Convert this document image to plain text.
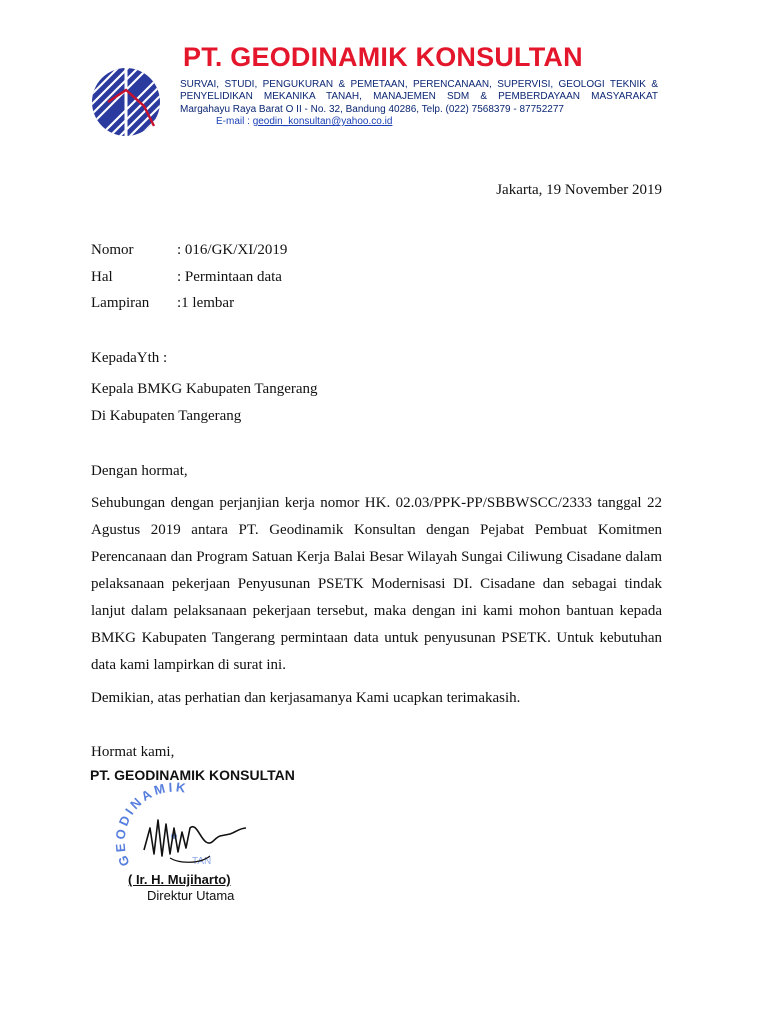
PT. GEODINAMIK KONSULTAN
SURVAI, STUDI, PENGUKURAN & PEMETAAN, PERENCANAAN, SUPERVISI, GEOLOGI TEKNIK &
PENYELIDIKAN MEKANIKA TANAH, MANAJEMEN SDM & PEMBERDAYAAN MASYARAKAT
Margahayu Raya Barat O II - No. 32, Bandung 40286, Telp. (022) 7568379 - 87752277
E-mail : geodin_konsultan@yahoo.co.id
Jakarta, 19 November 2019
Nomor	: 016/GK/XI/2019
Hal	: Permintaan data
Lampiran :1 lembar
KepadaYth :
Kepala BMKG Kabupaten Tangerang
Di Kabupaten Tangerang
Dengan hormat,

Sehubungan dengan perjanjian kerja nomor HK. 02.03/PPK-PP/SBBWSCC/2333 tanggal 22 Agustus 2019 antara PT. Geodinamik Konsultan dengan Pejabat Pembuat Komitmen Perencanaan dan Program Satuan Kerja Balai Besar Wilayah Sungai Ciliwung Cisadane dalam pelaksanaan pekerjaan Penyusunan PSETK Modernisasi DI. Cisadane dan sebagai tindak lanjut dalam pelaksanaan pekerjaan tersebut, maka dengan ini kami mohon bantuan kepada BMKG Kabupaten Tangerang permintaan data untuk penyusunan PSETK. Untuk kebutuhan data kami lampirkan di surat ini.

Demikian, atas perhatian dan kerjasamanya Kami ucapkan terimakasih.
Hormat kami,
GEODINAMIK
TAN
PT. GEODINAMIK KONSULTAN
( Ir. H. Mujiharto)
Direktur Utama
